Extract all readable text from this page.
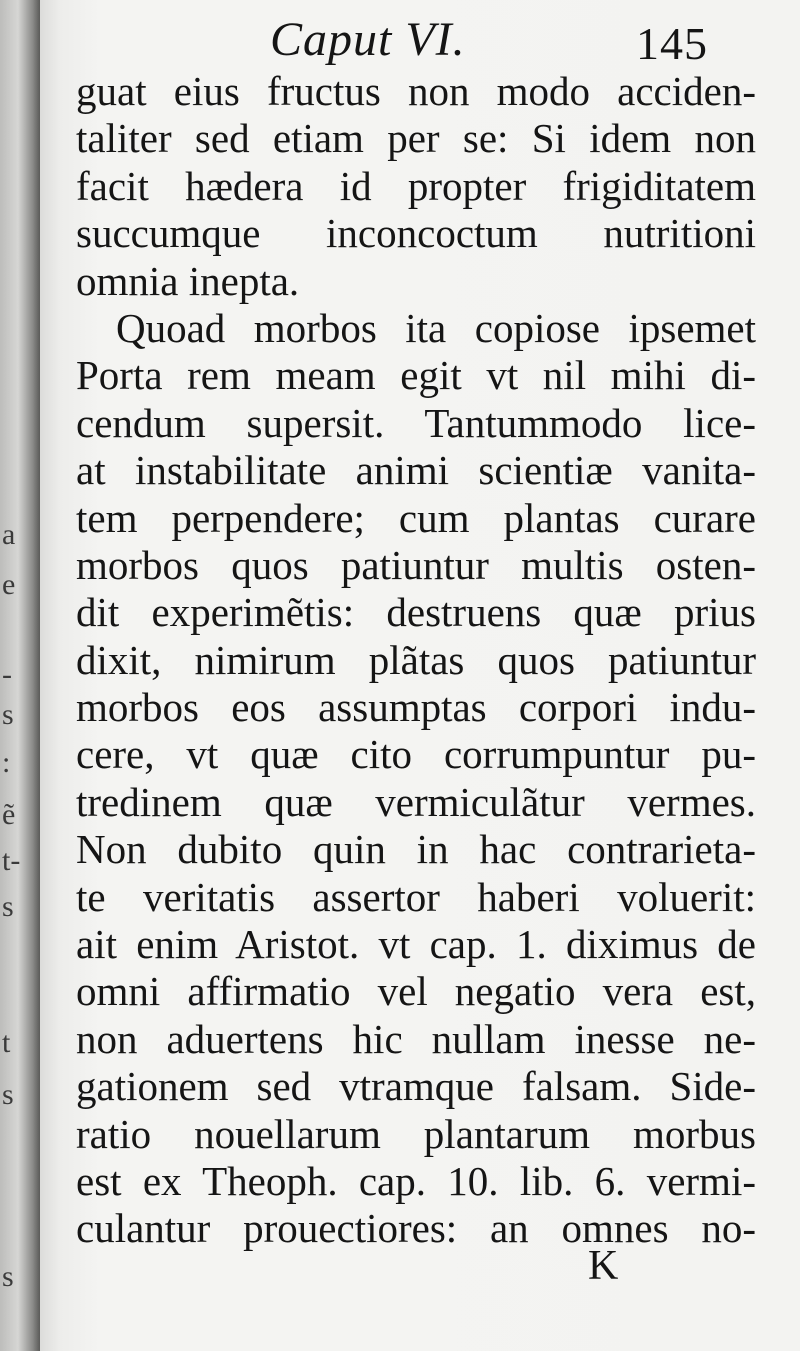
a
e
-
s
:
ẽ
t-
s
t
s
s
Caput VI.	145
guat eius fructus non modo acciden-
taliter sed etiam per se: Si idem non
facit hædera id propter frigiditatem
succumque inconcoctum nutritioni
omnia inepta.
Quoad morbos ita copiose ipsemet
Porta rem meam egit vt nil mihi di-
cendum supersit. Tantummodo lice-
at instabilitate animi scientiæ vanita-
tem perpendere; cum plantas curare
morbos quos patiuntur multis osten-
dit experimẽtis: destruens quæ prius
dixit, nimirum plãtas quos patiuntur
morbos eos assumptas corpori indu-
cere, vt quæ cito corrumpuntur pu-
tredinem quæ vermiculãtur vermes.
Non dubito quin in hac contrarieta-
te veritatis assertor haberi voluerit:
ait enim Aristot. vt cap. 1. diximus de
omni affirmatio vel negatio vera est,
non aduertens hic nullam inesse ne-
gationem sed vtramque falsam. Side-
ratio nouellarum plantarum morbus
est ex Theoph. cap. 10. lib. 6. vermi-
culantur prouectiores: an omnes no-
K
